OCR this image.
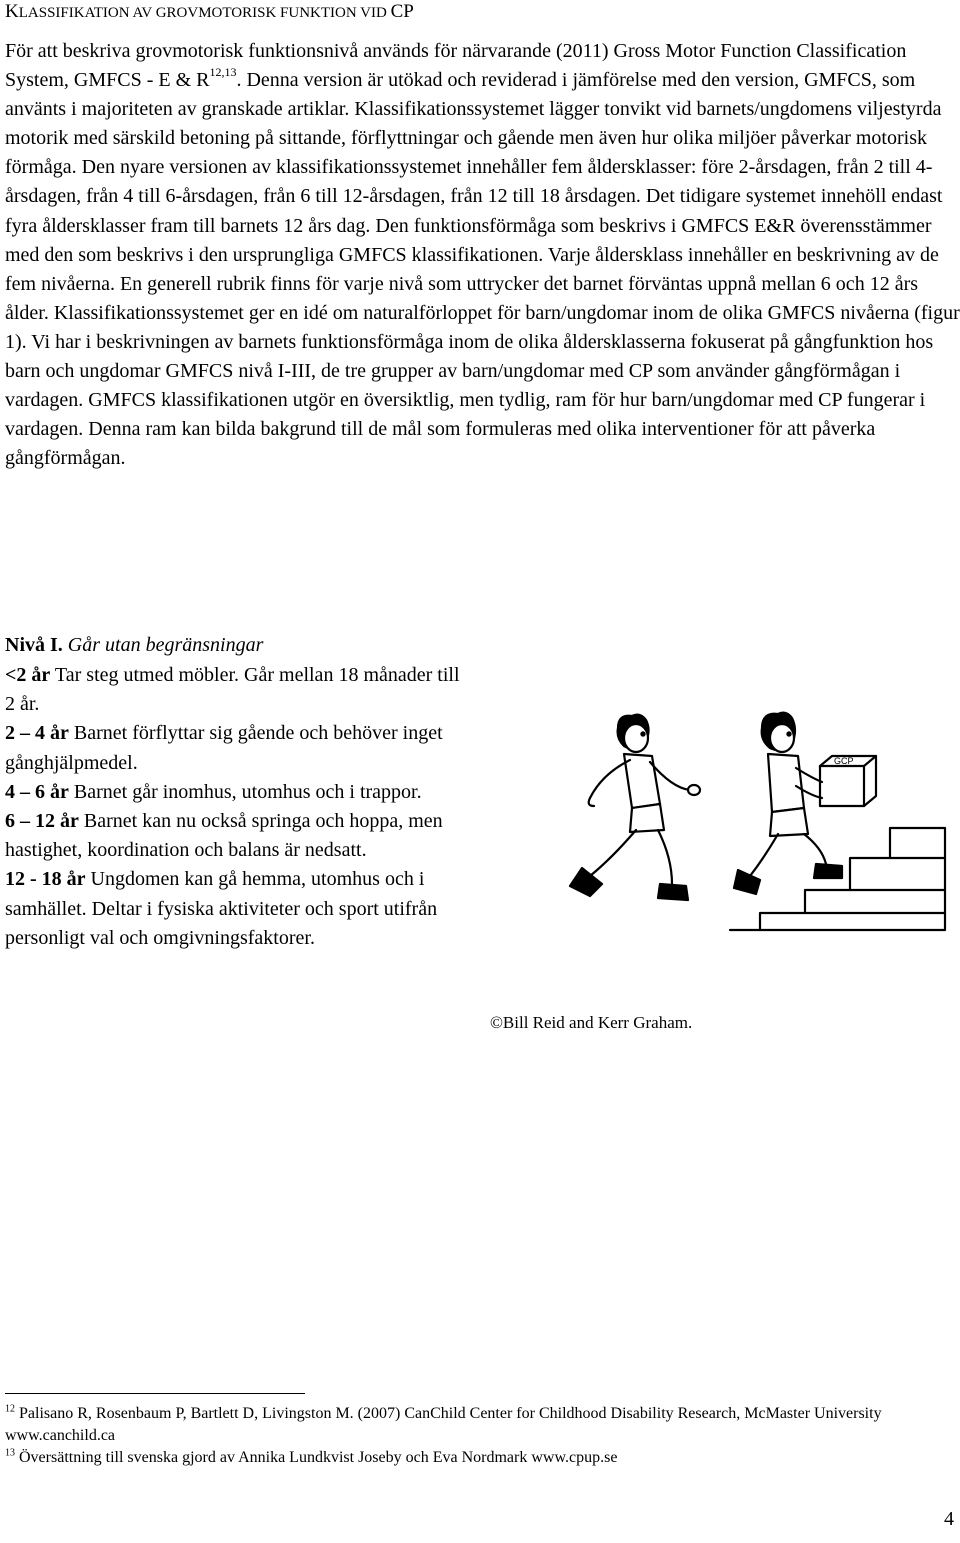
KLASSIFIKATION AV GROVMOTORISK FUNKTION VID CP
För att beskriva grovmotorisk funktionsnivå används för närvarande (2011) Gross Motor Function Classification System, GMFCS - E & R$^{12,13}$. Denna version är utökad och reviderad i jämförelse med den version, GMFCS, som använts i majoriteten av granskade artiklar. Klassifikationssystemet lägger tonvikt vid barnets/ungdomens viljestyrda motorik med särskild betoning på sittande, förflyttningar och gående men även hur olika miljöer påverkar motorisk förmåga. Den nyare versionen av klassifikationssystemet innehåller fem åldersklasser: före 2-årsdagen, från 2 till 4-årsdagen, från 4 till 6-årsdagen, från 6 till 12-årsdagen, från 12 till 18 årsdagen. Det tidigare systemet innehöll endast fyra åldersklasser fram till barnets 12 års dag. Den funktionsförmåga som beskrivs i GMFCS E&R överensstämmer med den som beskrivs i den ursprungliga GMFCS klassifikationen. Varje åldersklass innehåller en beskrivning av de fem nivåerna. En generell rubrik finns för varje nivå som uttrycker det barnet förväntas uppnå mellan 6 och 12 års ålder. Klassifikationssystemet ger en idé om naturalförloppet för barn/ungdomar inom de olika GMFCS nivåerna (figur 1). Vi har i beskrivningen av barnets funktionsförmåga inom de olika åldersklasserna fokuserat på gångfunktion hos barn och ungdomar GMFCS nivå I-III, de tre grupper av barn/ungdomar med CP som använder gångförmågan i vardagen. GMFCS klassifikationen utgör en översiktlig, men tydlig, ram för hur barn/ungdomar med CP fungerar i vardagen. Denna ram kan bilda bakgrund till de mål som formuleras med olika interventioner för att påverka gångförmågan.
Nivå I. Går utan begränsningar
<2 år Tar steg utmed möbler. Går mellan 18 månader till 2 år.
2 – 4 år Barnet förflyttar sig gående och behöver inget gånghjälpmedel.
4 – 6 år Barnet går inomhus, utomhus och i trappor.
6 – 12 år Barnet kan nu också springa och hoppa, men hastighet, koordination och balans är nedsatt.
12 - 18 år Ungdomen kan gå hemma, utomhus och i samhället. Deltar i fysiska aktiviteter och sport utifrån personligt val och omgivningsfaktorer.
GCP
©Bill Reid and Kerr Graham.
$^{12}$ Palisano R, Rosenbaum P, Bartlett D, Livingston M. (2007) CanChild Center for Childhood Disability Research, McMaster University www.canchild.ca
$^{13}$ Översättning till svenska gjord av Annika Lundkvist Joseby och Eva Nordmark www.cpup.se
4
